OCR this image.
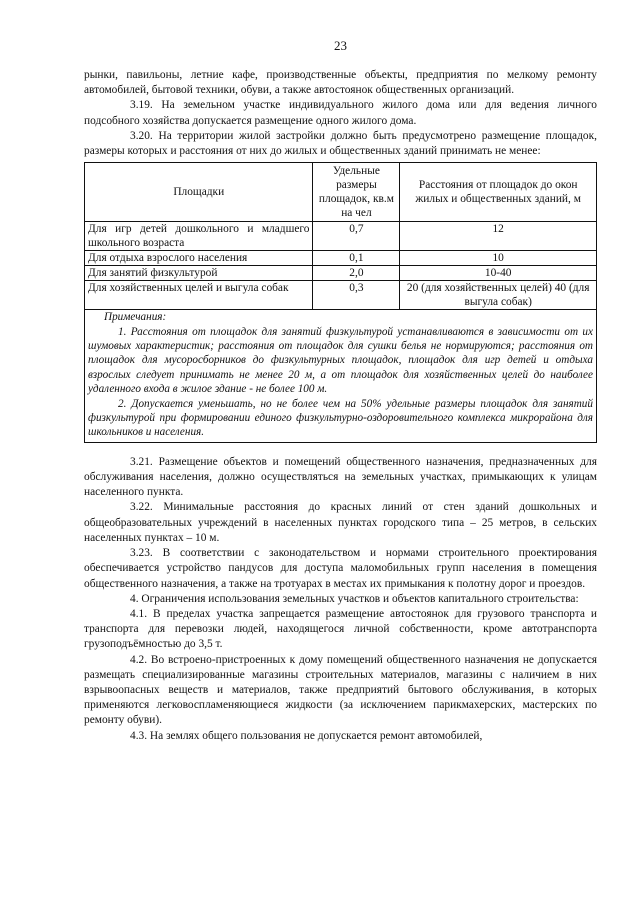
23

рынки, павильоны, летние кафе, производственные объекты, предприятия по мелкому ремонту автомобилей, бытовой техники, обуви, а также автостоянок общественных организаций.

3.19. На земельном участке индивидуального жилого дома или для ведения личного подсобного хозяйства допускается размещение одного жилого дома.

3.20. На территории жилой застройки должно быть предусмотрено размещение площадок, размеры которых и расстояния от них до жилых и общественных зданий принимать не менее:

Площадки	Удельные размеры площадок, кв.м на чел	Расстояния от площадок до окон жилых и общественных зданий, м
Для игр детей дошкольного и младшего школьного возраста	0,7	12
Для отдыха взрослого населения	0,1	10
Для занятий физкультурой	2,0	10-40
Для хозяйственных целей и выгула собак	0,3	20 (для хозяйственных целей) 40 (для выгула собак)

Примечания:

1. Расстояния от площадок для занятий физкультурой устанавливаются в зависимости от их шумовых характеристик; расстояния от площадок для сушки белья не нормируются; расстояния от площадок для мусоросборников до физкультурных площадок, площадок для игр детей и отдыха взрослых следует принимать не менее 20 м, а от площадок для хозяйственных целей до наиболее удаленного входа в жилое здание - не более 100 м.

2. Допускается уменьшать, но не более чем на 50% удельные размеры площадок для занятий физкультурой при формировании единого физкультурно-оздоровительного комплекса микрорайона для школьников и населения.		

3.21. Размещение объектов и помещений общественного назначения, предназначенных для обслуживания населения, должно осуществляться на земельных участках, примыкающих к улицам населенного пункта.

3.22. Минимальные расстояния до красных линий от стен зданий дошкольных и общеобразовательных учреждений в населенных пунктах городского типа – 25 метров, в сельских населенных пунктах – 10 м.

3.23. В соответствии с законодательством и нормами строительного проектирования обеспечивается устройство пандусов для доступа маломобильных групп населения в помещения общественного назначения, а также на тротуарах в местах их примыкания к полотну дорог и проездов.

4. Ограничения использования земельных участков и объектов капитального строительства:

4.1. В пределах участка запрещается размещение автостоянок для грузового транспорта и транспорта для перевозки людей, находящегося личной собственности, кроме автотранспорта грузоподъёмностью до 3,5 т.

4.2. Во встроено-пристроенных к дому помещений общественного назначения не допускается размещать специализированные магазины строительных материалов, магазины с наличием в них взрывоопасных веществ и материалов, также предприятий бытового обслуживания, в которых применяются легковоспламеняющиеся жидкости (за исключением парикмахерских, мастерских по ремонту обуви).

4.3. На землях общего пользования не допускается ремонт автомобилей,
